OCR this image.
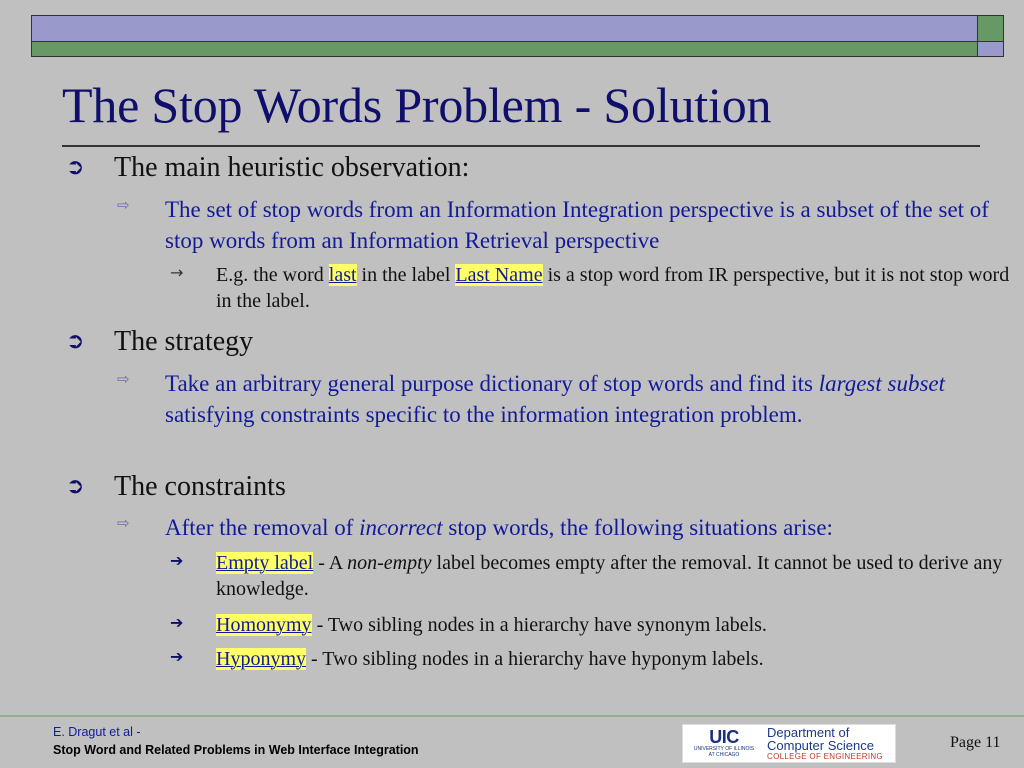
The Stop Words Problem - Solution
➲ The main heuristic observation:
⇨ The set of stop words from an Information Integration perspective is a subset of the set of stop words from an Information Retrieval perspective
→ E.g. the word last in the label Last Name is a stop word from IR perspective, but it is not stop word in the label.
➲ The strategy
⇨ Take an arbitrary general purpose dictionary of stop words and find its largest subset satisfying constraints specific to the information integration problem.
➲ The constraints
⇨ After the removal of incorrect stop words, the following situations arise:
➔ Empty label - A non-empty label becomes empty after the removal. It cannot be used to derive any knowledge.
➔ Homonymy - Two sibling nodes in a hierarchy have synonym labels.
➔ Hyponymy - Two sibling nodes in a hierarchy have hyponym labels.
E. Dragut et al -
Stop Word and Related Problems in Web Interface Integration
UIC
UNIVERSITY OF ILLINOIS
AT CHICAGO
Department of
Computer Science
COLLEGE OF ENGINEERING
Page 11
